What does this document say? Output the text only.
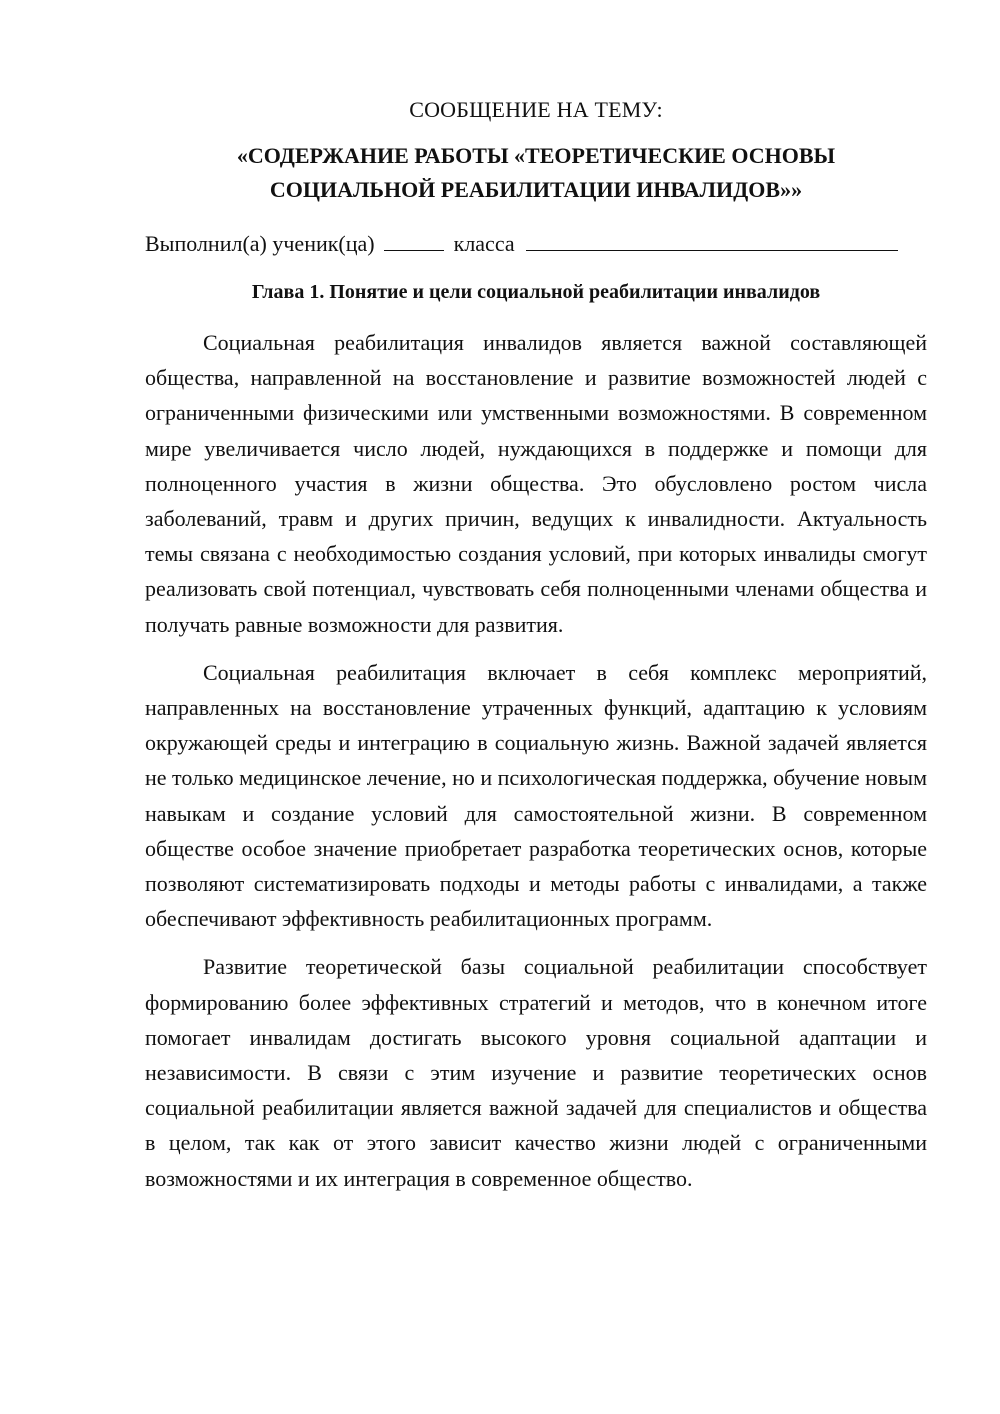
СООБЩЕНИЕ НА ТЕМУ:
«СОДЕРЖАНИЕ РАБОТЫ «ТЕОРЕТИЧЕСКИЕ ОСНОВЫ
СОЦИАЛЬНОЙ РЕАБИЛИТАЦИИ ИНВАЛИДОВ»»
Выполнил(а) ученик(ца)	класса
Глава 1. Понятие и цели социальной реабилитации инвалидов

Социальная реабилитация инвалидов является важной составляющей общества, направленной на восстановление и развитие возможностей людей с ограниченными физическими или умственными возможностями. В современном мире увеличивается число людей, нуждающихся в поддержке и помощи для полноценного участия в жизни общества. Это обусловлено ростом числа заболеваний, травм и других причин, ведущих к инвалидности. Актуальность темы связана с необходимостью создания условий, при которых инвалиды смогут реализовать свой потенциал, чувствовать себя полноценными членами общества и получать равные возможности для развития.

Социальная реабилитация включает в себя комплекс мероприятий, направленных на восстановление утраченных функций, адаптацию к условиям окружающей среды и интеграцию в социальную жизнь. Важной задачей является не только медицинское лечение, но и психологическая поддержка, обучение новым навыкам и создание условий для самостоятельной жизни. В современном обществе особое значение приобретает разработка теоретических основ, которые позволяют систематизировать подходы и методы работы с инвалидами, а также обеспечивают эффективность реабилитационных программ.

Развитие теоретической базы социальной реабилитации способствует формированию более эффективных стратегий и методов, что в конечном итоге помогает инвалидам достигать высокого уровня социальной адаптации и независимости. В связи с этим изучение и развитие теоретических основ социальной реабилитации является важной задачей для специалистов и общества в целом, так как от этого зависит качество жизни людей с ограниченными возможностями и их интеграция в современное общество.
